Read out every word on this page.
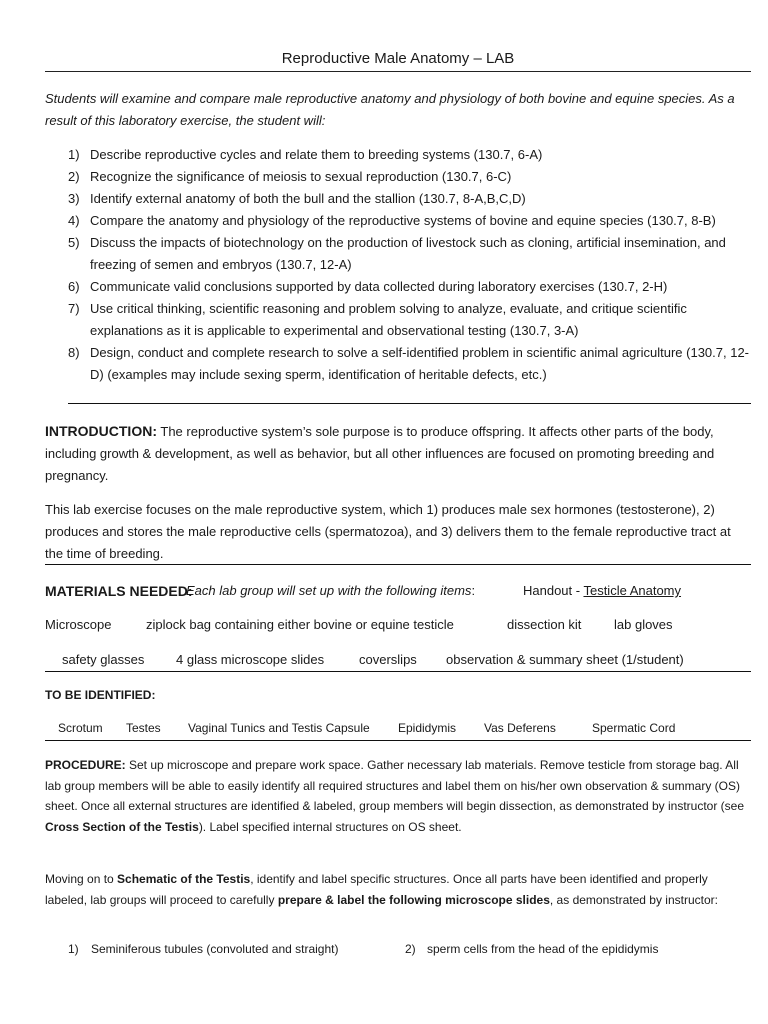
Reproductive Male Anatomy – LAB
Students will examine and compare male reproductive anatomy and physiology of both bovine and equine species. As a result of this laboratory exercise, the student will:
1) Describe reproductive cycles and relate them to breeding systems (130.7, 6-A)
2) Recognize the significance of meiosis to sexual reproduction (130.7, 6-C)
3) Identify external anatomy of both the bull and the stallion (130.7, 8-A,B,C,D)
4) Compare the anatomy and physiology of the reproductive systems of bovine and equine species (130.7, 8-B)
5) Discuss the impacts of biotechnology on the production of livestock such as cloning, artificial insemination, and freezing of semen and embryos (130.7, 12-A)
6) Communicate valid conclusions supported by data collected during laboratory exercises (130.7, 2-H)
7) Use critical thinking, scientific reasoning and problem solving to analyze, evaluate, and critique scientific explanations as it is applicable to experimental and observational testing (130.7, 3-A)
8) Design, conduct and complete research to solve a self-identified problem in scientific animal agriculture (130.7, 12-D) (examples may include sexing sperm, identification of heritable defects, etc.)
INTRODUCTION: The reproductive system’s sole purpose is to produce offspring. It affects other parts of the body, including growth & development, as well as behavior, but all other influences are focused on promoting breeding and pregnancy.
This lab exercise focuses on the male reproductive system, which 1) produces male sex hormones (testosterone), 2) produces and stores the male reproductive cells (spermatozoa), and 3) delivers them to the female reproductive tract at the time of breeding.
MATERIALS NEEDED:
Each lab group will set up with the following items:	Handout - Testicle Anatomy
Microscope	ziplock bag containing either bovine or equine testicle	dissection kit	lab gloves
safety glasses 4 glass microscope slides	coverslips observation & summary sheet (1/student)
TO BE IDENTIFIED:
Scrotum Testes Vaginal Tunics and Testis Capsule Epididymis Vas Deferens	Spermatic Cord
PROCEDURE: Set up microscope and prepare work space. Gather necessary lab materials. Remove testicle from storage bag. All lab group members will be able to easily identify all required structures and label them on his/her own observation & summary (OS) sheet. Once all external structures are identified & labeled, group members will begin dissection, as demonstrated by instructor (see Cross Section of the Testis). Label specified internal structures on OS sheet.
Moving on to Schematic of the Testis, identify and label specific structures. Once all parts have been identified and properly labeled, lab groups will proceed to carefully prepare & label the following microscope slides, as demonstrated by instructor:
1) Seminiferous tubules (convoluted and straight)	2) sperm cells from the head of the epididymis
